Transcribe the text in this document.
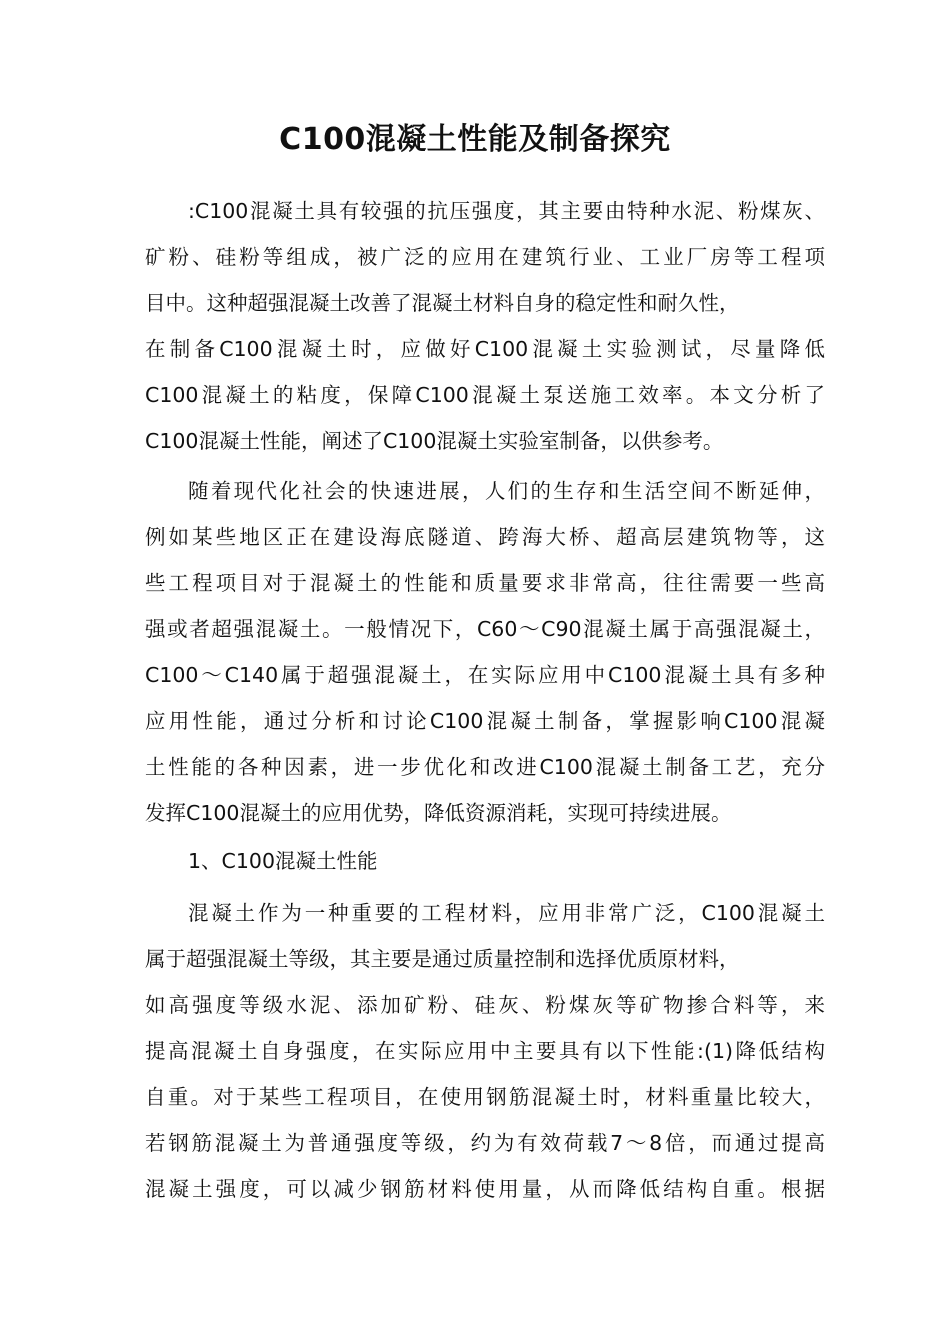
C100混凝土性能及制备探究
:C100混凝土具有较强的抗压强度，其主要由特种水泥、粉煤灰、
矿粉、硅粉等组成，被广泛的应用在建筑行业、工业厂房等工程项
目中。这种超强混凝土改善了混凝土材料自身的稳定性和耐久性，
在制备C100混凝土时，应做好C100混凝土实验测试，尽量降低
C100混凝土的粘度，保障C100混凝土泵送施工效率。本文分析了
C100混凝土性能，阐述了C100混凝土实验室制备，以供参考。
随着现代化社会的快速进展，人们的生存和生活空间不断延伸，
例如某些地区正在建设海底隧道、跨海大桥、超高层建筑物等，这
些工程项目对于混凝土的性能和质量要求非常高，往往需要一些高
强或者超强混凝土。一般情况下，C60～C90混凝土属于高强混凝土，
C100～C140属于超强混凝土，在实际应用中C100混凝土具有多种
应用性能，通过分析和讨论C100混凝土制备，掌握影响C100混凝
土性能的各种因素，进一步优化和改进C100混凝土制备工艺，充分
发挥C100混凝土的应用优势，降低资源消耗，实现可持续进展。
1、C100混凝土性能
混凝土作为一种重要的工程材料，应用非常广泛，C100混凝土
属于超强混凝土等级，其主要是通过质量控制和选择优质原材料，
如高强度等级水泥、添加矿粉、硅灰、粉煤灰等矿物掺合料等，来
提高混凝土自身强度，在实际应用中主要具有以下性能:(1)降低结构
自重。对于某些工程项目，在使用钢筋混凝土时，材料重量比较大，
若钢筋混凝土为普通强度等级，约为有效荷载7～8倍，而通过提高
混凝土强度，可以减少钢筋材料使用量，从而降低结构自重。根据
